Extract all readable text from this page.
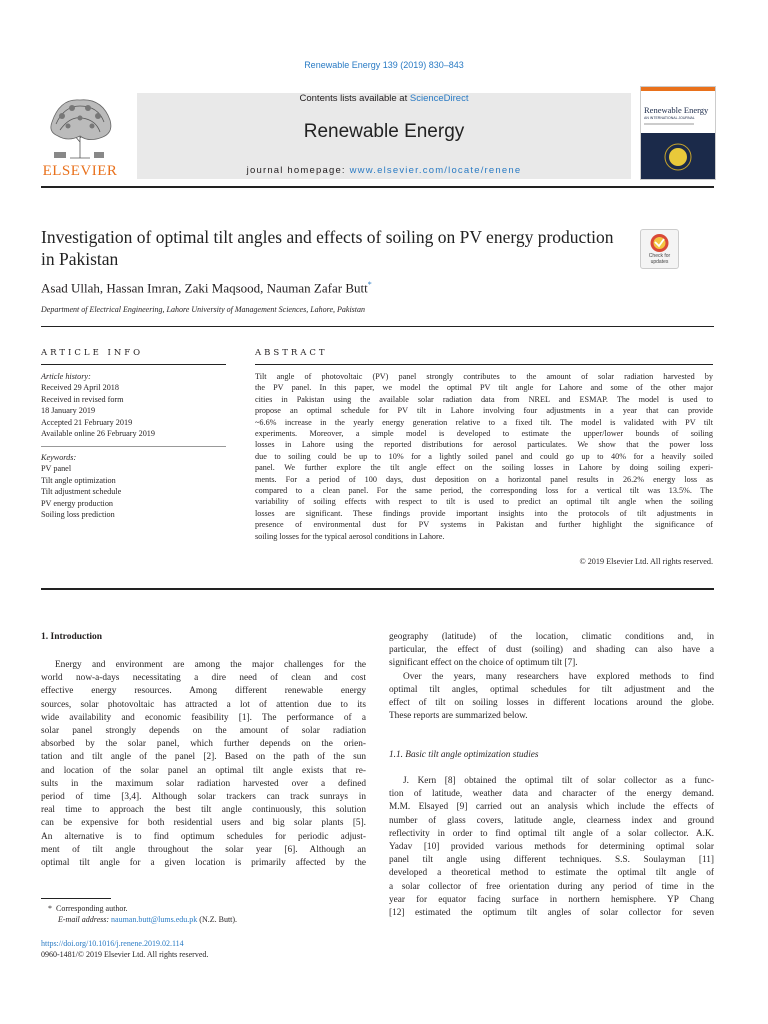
Renewable Energy 139 (2019) 830–843
ELSEVIER
Contents lists available at ScienceDirect
Renewable Energy
journal homepage: www.elsevier.com/locate/renene
Renewable Energy
AN INTERNATIONAL JOURNAL
Investigation of optimal tilt angles and effects of soiling on PV energy production in Pakistan	Check for
updates
Asad Ullah, Hassan Imran, Zaki Maqsood, Nauman Zafar Butt*
Department of Electrical Engineering, Lahore University of Management Sciences, Lahore, Pakistan
ARTICLE INFO
Article history:
Received 29 April 2018
Received in revised form
18 January 2019
Accepted 21 February 2019
Available online 26 February 2019
Keywords:
PV panel
Tilt angle optimization
Tilt adjustment schedule
PV energy production
Soiling loss prediction
ABSTRACT
Tilt angle of photovoltaic (PV) panel strongly contributes to the amount of solar radiation harvested by
the PV panel. In this paper, we model the optimal PV tilt angle for Lahore and some of the other major
cities in Pakistan using the available solar radiation data from NREL and ESMAP. The model is used to
propose an optimal schedule for PV tilt in Lahore involving four adjustments in a year that can provide
~6.6% increase in the yearly energy generation relative to a fixed tilt. The model is validated with PV tilt
experiments. Moreover, a simple model is developed to estimate the upper/lower bounds of soiling
losses in Lahore using the reported distributions for aerosol particulates. We show that the power loss
due to soiling could be up to 10% for a lightly soiled panel and could go up to 40% for a heavily soiled
panel. We further explore the tilt angle effect on the soiling losses in Lahore by doing soiling experi-
ments. For a period of 100 days, dust deposition on a horizontal panel results in 26.2% energy loss as
compared to a clean panel. For the same period, the corresponding loss for a vertical tilt was 13.5%. The
variability of soiling effects with respect to tilt is used to predict an optimal tilt angle when the soiling
losses are significant. These findings provide important insights into the protocols of tilt adjustments in
presence of environmental dust for PV systems in Pakistan and further highlight the significance of
soiling losses for the typical aerosol conditions in Lahore.
© 2019 Elsevier Ltd. All rights reserved.
1. Introduction
Energy and environment are among the major challenges for the
world now-a-days necessitating a dire need of clean and cost
effective energy resources. Among different renewable energy
sources, solar photovoltaic has attracted a lot of attention due to its
wide availability and economic feasibility [1]. The performance of a
solar panel strongly depends on the amount of solar radiation
absorbed by the solar panel, which further depends on the orien-
tation and tilt angle of the panel [2]. Based on the path of the sun
and location of the solar panel an optimal tilt angle exists that re-
sults in the maximum solar radiation harvested over a defined
period of time [3,4]. Although solar trackers can track sunrays in
real time to approach the best tilt angle continuously, this solution
can be expensive for both residential users and big solar plants [5].
An alternative is to find optimum schedules for periodic adjust-
ment of tilt angle throughout the solar year [6]. Although an
optimal tilt angle for a given location is primarily affected by the
* Corresponding author.
E-mail address: nauman.butt@lums.edu.pk (N.Z. Butt).
https://doi.org/10.1016/j.renene.2019.02.114
0960-1481/© 2019 Elsevier Ltd. All rights reserved.
geography (latitude) of the location, climatic conditions and, in
particular, the effect of dust (soiling) and shading can also have a
significant effect on the choice of optimum tilt [7].
Over the years, many researchers have explored methods to find
optimal tilt angles, optimal schedules for tilt adjustment and the
effect of tilt on soiling losses in different locations around the globe.
These reports are summarized below.
1.1. Basic tilt angle optimization studies
J. Kern [8] obtained the optimal tilt of solar collector as a func-
tion of latitude, weather data and character of the energy demand.
M.M. Elsayed [9] carried out an analysis which include the effects of
number of glass covers, latitude angle, clearness index and ground
reflectivity in order to find optimal tilt angle of a solar collector. A.K.
Yadav [10] provided various methods for determining optimal solar
panel tilt angle using different techniques. S.S. Soulayman [11]
developed a theoretical method to estimate the optimal tilt angle of
a solar collector of free orientation during any period of time in the
year for equator facing surface in northern hemisphere. YP Chang
[12] estimated the optimum tilt angles of solar collector for seven
